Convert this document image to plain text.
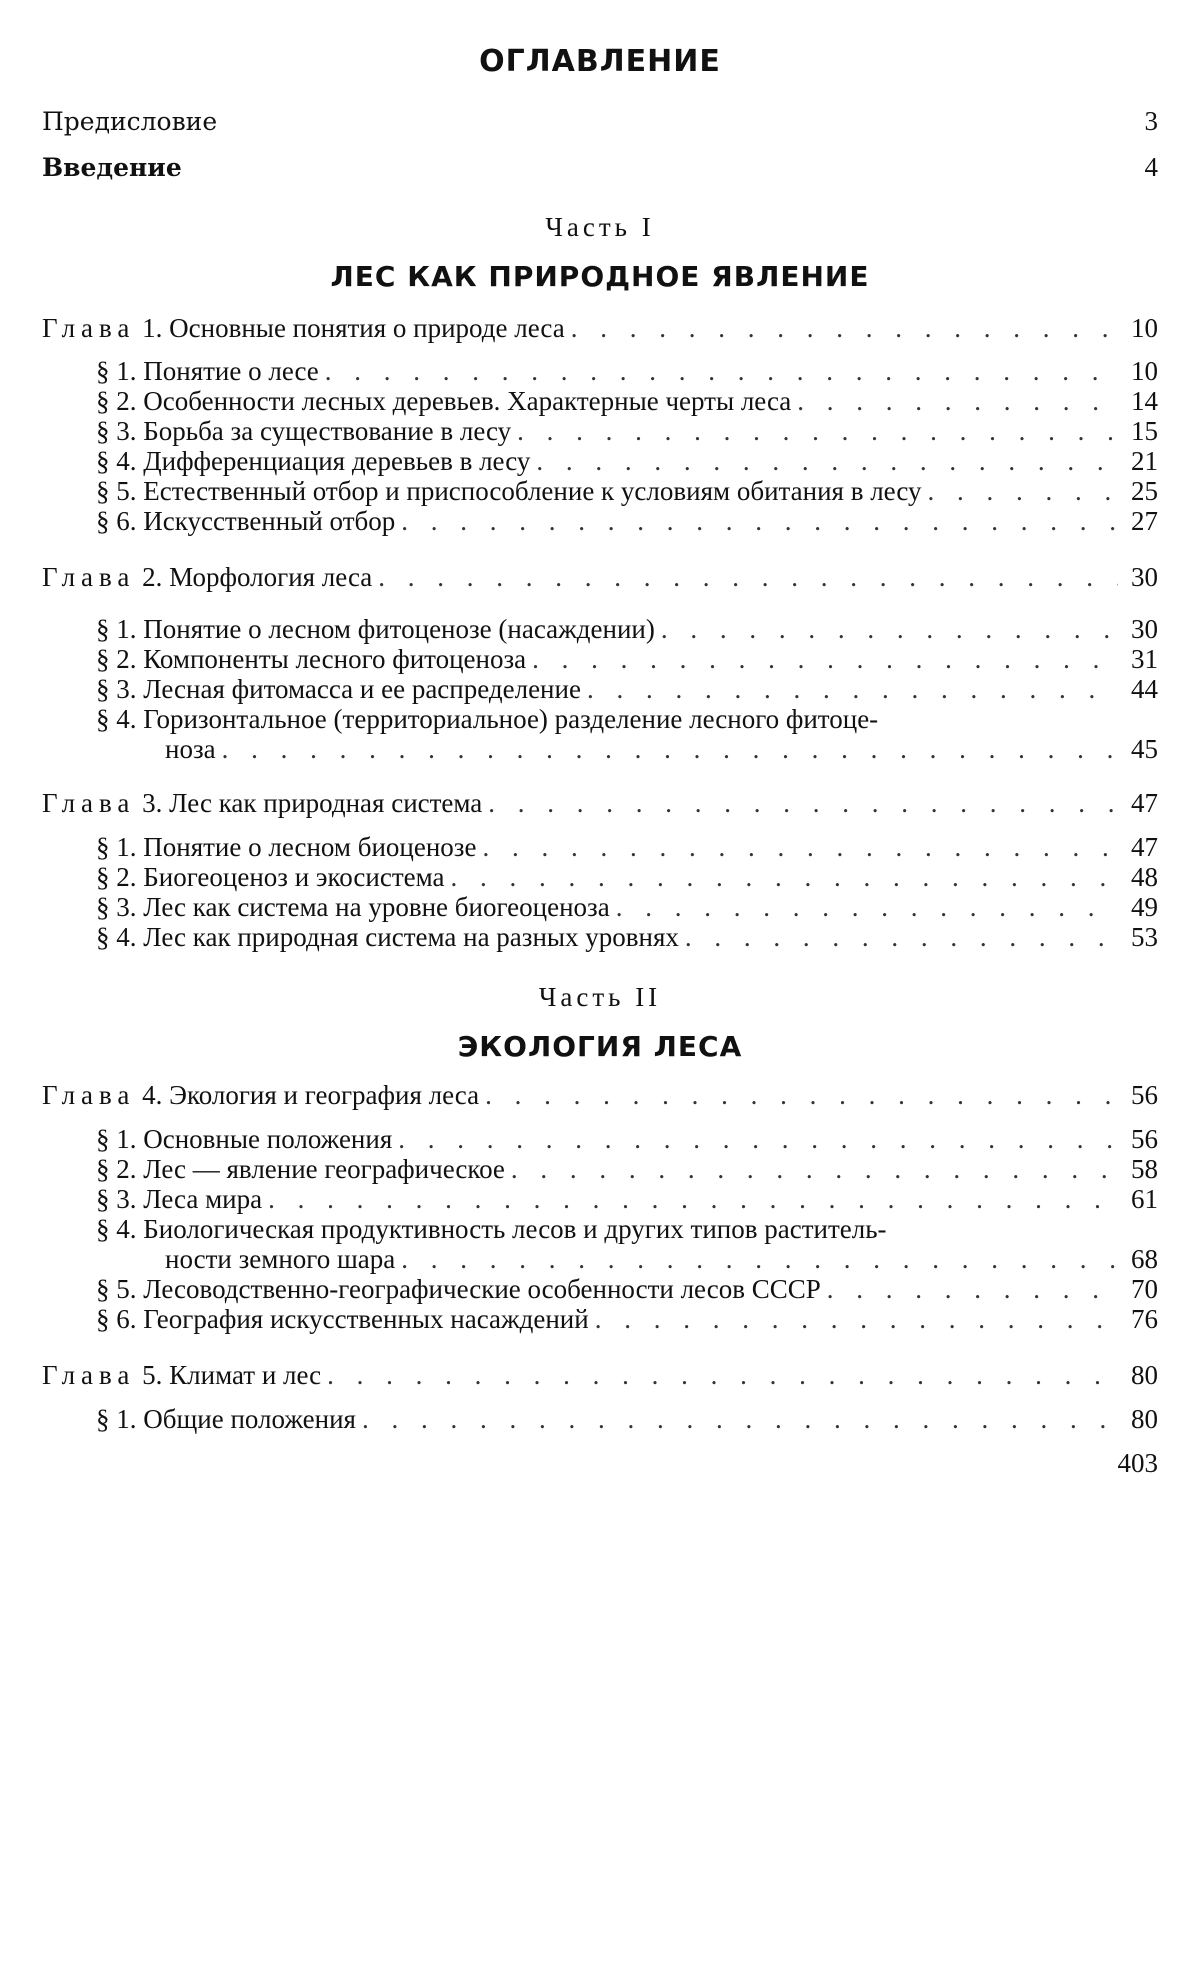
ОГЛАВЛЕНИЕ
Предисловие	3
Введение	4
Часть I
ЛЕС КАК ПРИРОДНОЕ ЯВЛЕНИЕ
Глава 1. Основные понятия о природе леса . . .	10
§ 1. Понятие о лесе . . .	10
§ 2. Особенности лесных деревьев. Характерные черты леса . . .	14
§ 3. Борьба за существование в лесу . . .	15
§ 4. Дифференциация деревьев в лесу . . .	21
§ 5. Естественный отбор и приспособление к условиям обитания в лесу . . .	25
§ 6. Искусственный отбор . . .	27
Глава 2. Морфология леса . . .	30
§ 1. Понятие о лесном фитоценозе (насаждении) . . .	30
§ 2. Компоненты лесного фитоценоза . . .	31
§ 3. Лесная фитомасса и ее распределение . . .	44
§ 4. Горизонтальное (территориальное) разделение лесного фитоце-
ноза . . .	45
Глава 3. Лес как природная система . . .	47
§ 1. Понятие о лесном биоценозе . . .	47
§ 2. Биогеоценоз и экосистема . . .	48
§ 3. Лес как система на уровне биогеоценоза . . .	49
§ 4. Лес как природная система на разных уровнях . . .	53
Часть II
ЭКОЛОГИЯ ЛЕСА
Глава 4. Экология и география леса . . .	56
§ 1. Основные положения . . .	56
§ 2. Лес — явление географическое . . .	58
§ 3. Леса мира . . .	61
§ 4. Биологическая продуктивность лесов и других типов раститель-
ности земного шара . . .	68
§ 5. Лесоводственно-географические особенности лесов СССР . . .	70
§ 6. География искусственных насаждений . . .	76
Глава 5. Климат и лес . . .	80
§ 1. Общие положения . . .	80
403
